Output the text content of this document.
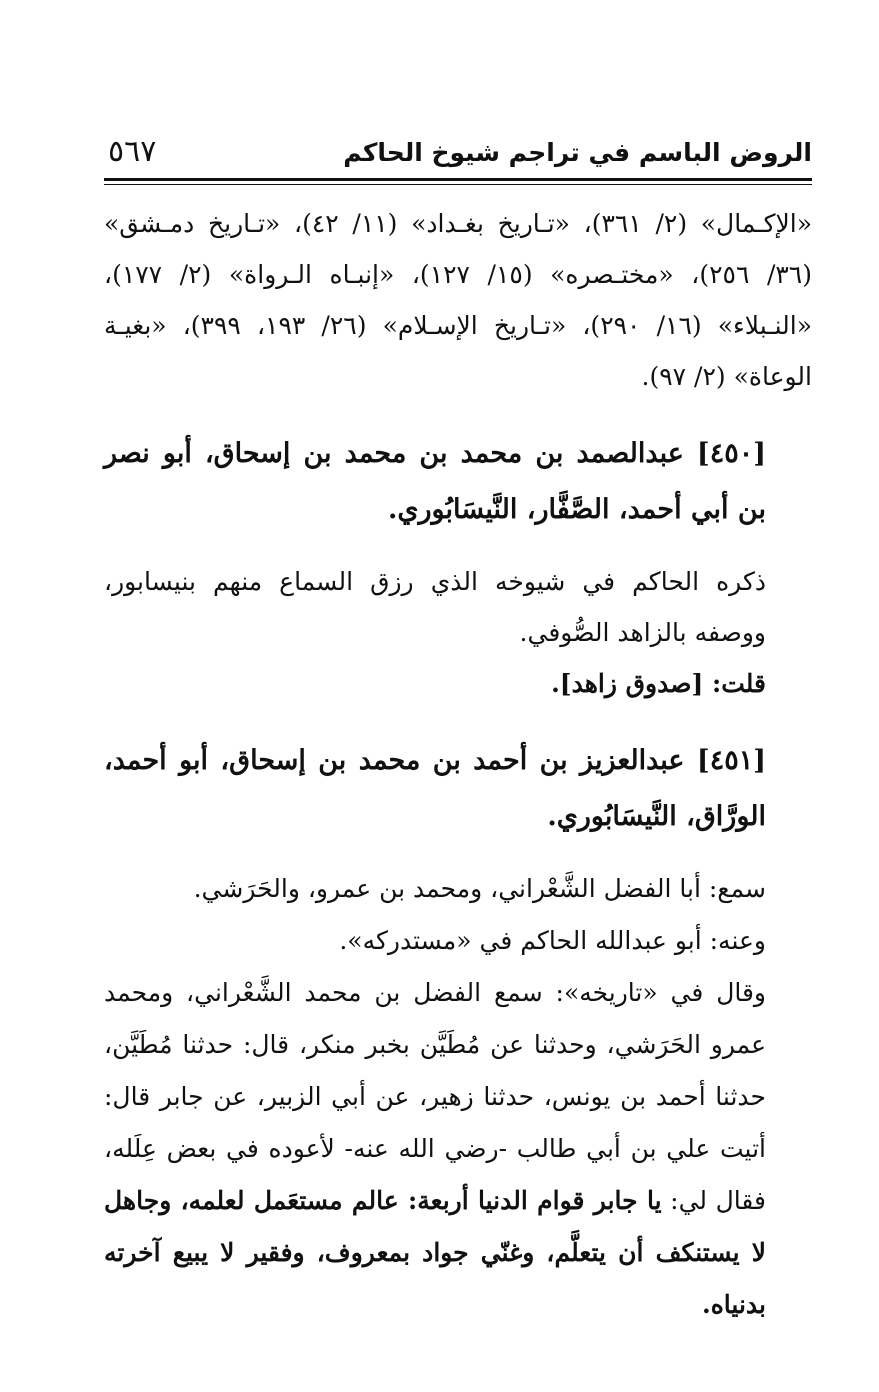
الروض الباسم في تراجم شيوخ الحاكم
٥٦٧

«الإكـمال» (٢/ ٣٦١)، «تـاريخ بغـداد» (١١/ ٤٢)، «تـاريخ دمـشق» (٣٦/ ٢٥٦)، «مختـصره» (١٥/ ١٢٧)، «إنبـاه الـرواة» (٢/ ١٧٧)، «النـبلاء» (١٦/ ٢٩٠)، «تـاريخ الإسـلام» (٢٦/ ١٩٣، ٣٩٩)، «بغيـة الوعاة» (٢/ ٩٧).

[٤٥٠] عبدالصمد بن محمد بن محمد بن إسحاق، أبو نصر بن أبي أحمد، الصَّفَّار، النَّيسَابُوري.

ذكره الحاكم في شيوخه الذي رزق السماع منهم بنيسابور، ووصفه بالزاهد الصُّوفي.

قلت: [صدوق زاهد].

[٤٥١] عبدالعزيز بن أحمد بن محمد بن إسحاق، أبو أحمد، الورَّاق، النَّيسَابُوري.

سمع: أبا الفضل الشَّعْراني، ومحمد بن عمرو، والحَرَشي.

وعنه: أبو عبدالله الحاكم في «مستدركه».

وقال في «تاريخه»: سمع الفضل بن محمد الشَّعْراني، ومحمد عمرو الحَرَشي، وحدثنا عن مُطَيَّن بخبر منكر، قال: حدثنا مُطَيَّن، حدثنا أحمد بن يونس، حدثنا زهير، عن أبي الزبير، عن جابر قال: أتيت علي بن أبي طالب -رضي الله عنه- لأعوده في بعض عِلَله، فقال لي: يا جابر قوام الدنيا أربعة: عالم مستعَمل لعلمه، وجاهل لا يستنكف أن يتعلَّم، وغنّي جواد بمعروف، وفقير لا يبيع آخرته بدنياه.
